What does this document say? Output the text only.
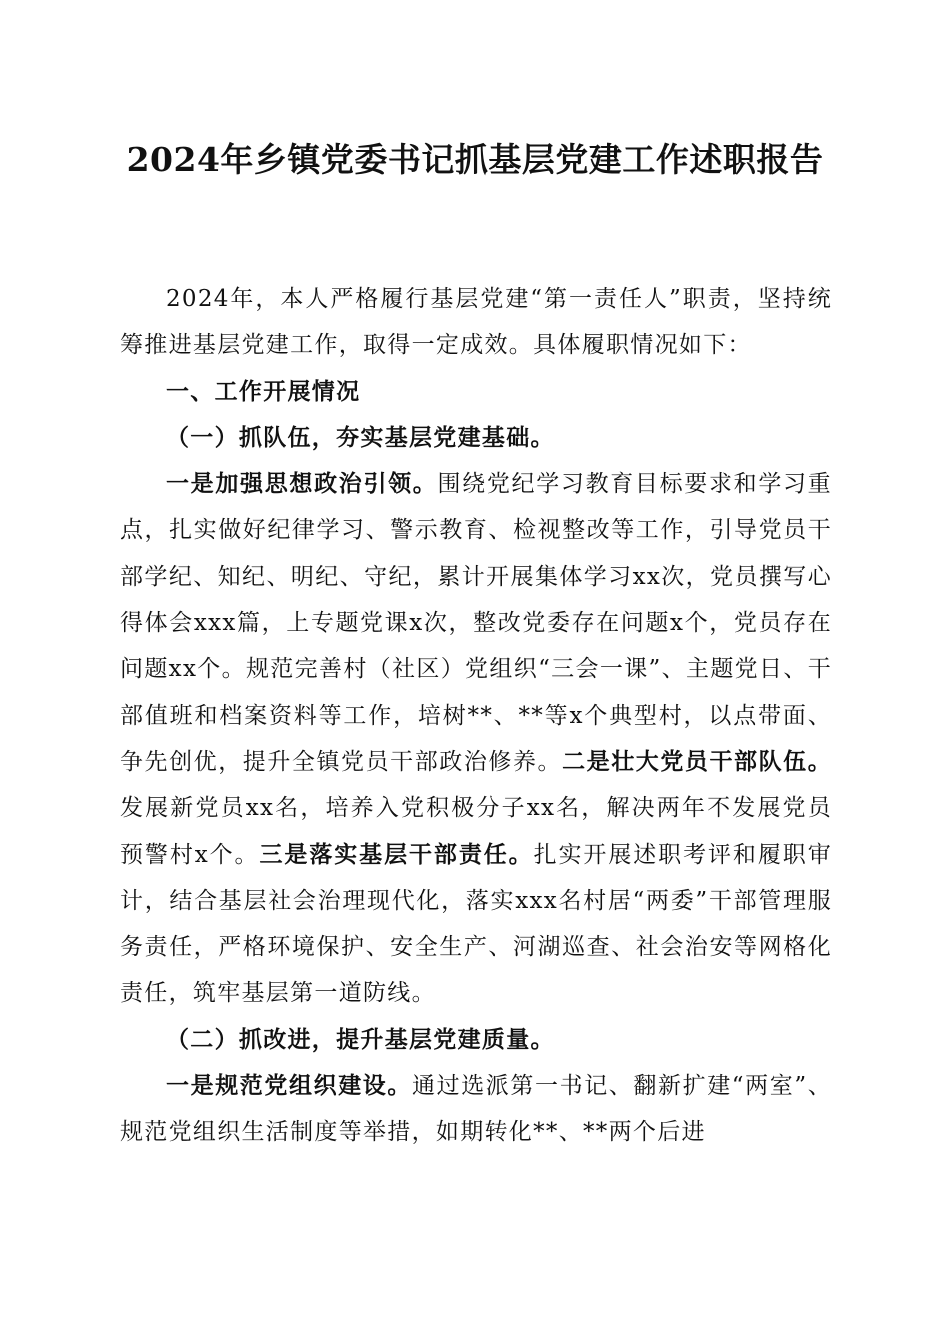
2024年乡镇党委书记抓基层党建工作述职报告

2024年，本人严格履行基层党建“第一责任人”职责，坚持统筹推进基层党建工作，取得一定成效。具体履职情况如下：

一、工作开展情况

（一）抓队伍，夯实基层党建基础。

一是加强思想政治引领。围绕党纪学习教育目标要求和学习重点，扎实做好纪律学习、警示教育、检视整改等工作，引导党员干部学纪、知纪、明纪、守纪，累计开展集体学习xx次，党员撰写心得体会xxx篇，上专题党课x次，整改党委存在问题x个，党员存在问题xx个。规范完善村（社区）党组织“三会一课”、主题党日、干部值班和档案资料等工作，培树**、**等x个典型村，以点带面、争先创优，提升全镇党员干部政治修养。二是壮大党员干部队伍。发展新党员xx名，培养入党积极分子xx名，解决两年不发展党员预警村x个。三是落实基层干部责任。扎实开展述职考评和履职审计，结合基层社会治理现代化，落实xxx名村居“两委”干部管理服务责任，严格环境保护、安全生产、河湖巡查、社会治安等网格化责任，筑牢基层第一道防线。

（二）抓改进，提升基层党建质量。

一是规范党组织建设。通过选派第一书记、翻新扩建“两室”、规范党组织生活制度等举措，如期转化**、**两个后进
